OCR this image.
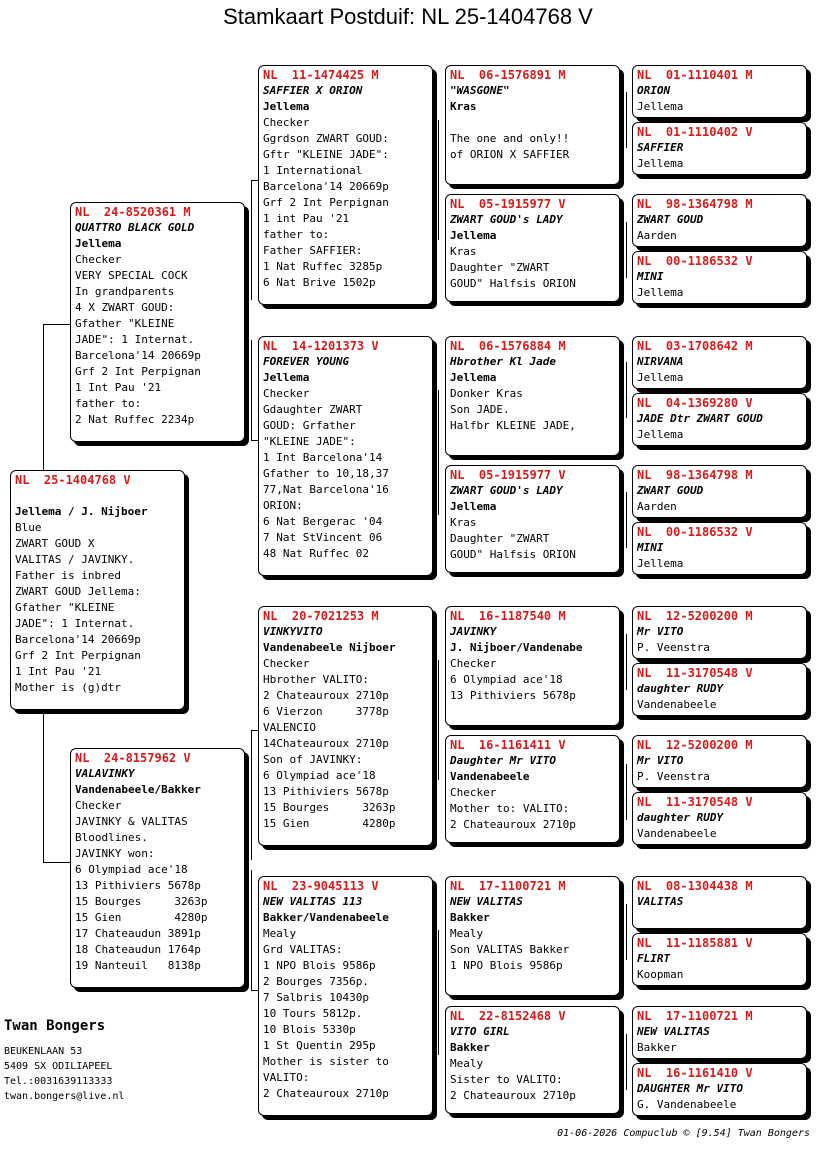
Stamkaart Postduif: NL 25-1404768 V
NL  25-1404768 V

Jellema / J. Nijboer
Blue
ZWART GOUD X
VALITAS / JAVINKY.
Father is inbred
ZWART GOUD Jellema:
Gfather "KLEINE
JADE": 1 Internat.
Barcelona'14 20669p
Grf 2 Int Perpignan
1 Int Pau '21
Mother is (g)dtr
NL  24-8520361 M
QUATTRO BLACK GOLD
Jellema
Checker
VERY SPECIAL COCK
In grandparents
4 X ZWART GOUD:
Gfather "KLEINE
JADE": 1 Internat.
Barcelona'14 20669p
Grf 2 Int Perpignan
1 Int Pau '21
father to:
2 Nat Ruffec 2234p
NL  24-8157962 V
VALAVINKY
Vandenabeele/Bakker
Checker
JAVINKY & VALITAS
Bloodlines.
JAVINKY won:
6 Olympiad ace'18
13 Pithiviers 5678p
15 Bourges     3263p
15 Gien        4280p
17 Chateaudun 3891p
18 Chateaudun 1764p
19 Nanteuil   8138p
NL  11-1474425 M
SAFFIER X ORION
Jellema
Checker
Ggrdson ZWART GOUD:
Gftr "KLEINE JADE":
1 International
Barcelona'14 20669p
Grf 2 Int Perpignan
1 int Pau '21
father to:
Father SAFFIER:
1 Nat Ruffec 3285p
6 Nat Brive 1502p
NL  14-1201373 V
FOREVER YOUNG
Jellema
Checker
Gdaughter ZWART
GOUD: Grfather
"KLEINE JADE":
1 Int Barcelona'14
Gfather to 10,18,37
77,Nat Barcelona'16
ORION:
6 Nat Bergerac '04
7 Nat StVincent 06
48 Nat Ruffec 02
NL  20-7021253 M
VINKYVITO
Vandenabeele Nijboer
Checker
Hbrother VALITO:
2 Chateauroux 2710p
6 Vierzon     3778p
VALENCIO
14Chateauroux 2710p
Son of JAVINKY:
6 Olympiad ace'18
13 Pithiviers 5678p
15 Bourges     3263p
15 Gien        4280p
NL  23-9045113 V
NEW VALITAS 113
Bakker/Vandenabeele
Mealy
Grd VALITAS:
1 NPO Blois 9586p
2 Bourges 7356p.
7 Salbris 10430p
10 Tours 5812p.
10 Blois 5330p
1 St Quentin 295p
Mother is sister to
VALITO:
2 Chateauroux 2710p
NL  06-1576891 M
"WASGONE"
Kras

The one and only!!
of ORION X SAFFIER
NL  05-1915977 V
ZWART GOUD's LADY
Jellema
Kras
Daughter "ZWART
GOUD" Halfsis ORION
NL  06-1576884 M
Hbrother Kl Jade
Jellema
Donker Kras
Son JADE.
Halfbr KLEINE JADE,
NL  05-1915977 V
ZWART GOUD's LADY
Jellema
Kras
Daughter "ZWART
GOUD" Halfsis ORION
NL  16-1187540 M
JAVINKY
J. Nijboer/Vandenabe
Checker
6 Olympiad ace'18
13 Pithiviers 5678p
NL  16-1161411 V
Daughter Mr VITO
Vandenabeele
Checker
Mother to: VALITO:
2 Chateauroux 2710p
NL  17-1100721 M
NEW VALITAS
Bakker
Mealy
Son VALITAS Bakker
1 NPO Blois 9586p
NL  22-8152468 V
VITO GIRL
Bakker
Mealy
Sister to VALITO:
2 Chateauroux 2710p
NL  01-1110401 M
ORION
Jellema
NL  01-1110402 V
SAFFIER
Jellema
NL  98-1364798 M
ZWART GOUD
Aarden
NL  00-1186532 V
MINI
Jellema
NL  03-1708642 M
NIRVANA
Jellema
NL  04-1369280 V
JADE Dtr ZWART GOUD
Jellema
NL  98-1364798 M
ZWART GOUD
Aarden
NL  00-1186532 V
MINI
Jellema
NL  12-5200200 M
Mr VITO
P. Veenstra
NL  11-3170548 V
daughter RUDY
Vandenabeele
NL  12-5200200 M
Mr VITO
P. Veenstra
NL  11-3170548 V
daughter RUDY
Vandenabeele
NL  08-1304438 M
VALITAS
NL  11-1185881 V
FLIRT
Koopman
NL  17-1100721 M
NEW VALITAS
Bakker
NL  16-1161410 V
DAUGHTER Mr VITO
G. Vandenabeele
Twan Bongers
BEUKENLAAN 53
5409 SX ODILIAPEEL
Tel.:0031639113333
twan.bongers@live.nl
01-06-2026 Compuclub © [9.54] Twan Bongers
